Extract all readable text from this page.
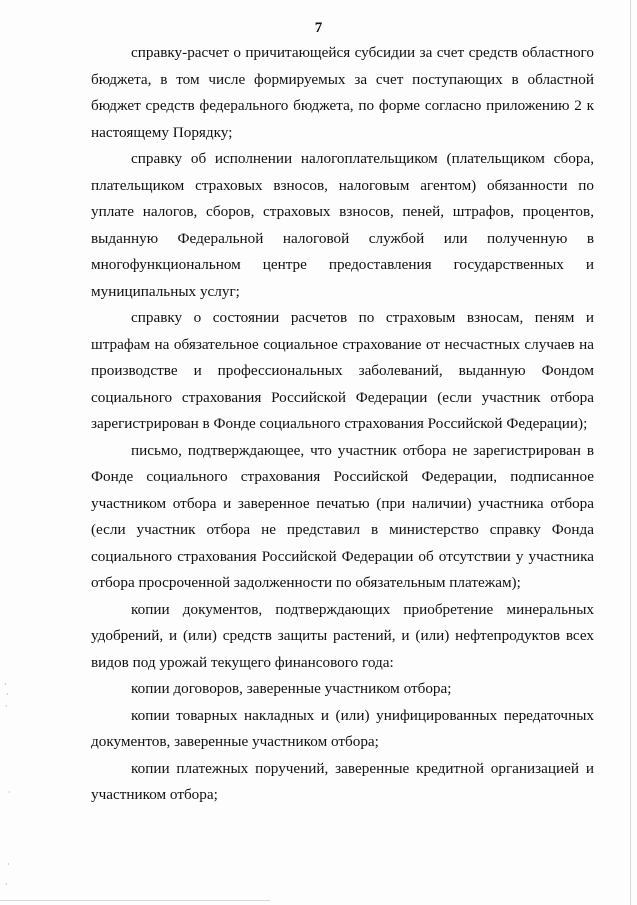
·
·
·
·
·
·
7

справку-расчет о причитающейся субсидии за счет средств областного бюджета, в том числе формируемых за счет поступающих в областной бюджет средств федерального бюджета, по форме согласно приложению 2 к настоящему Порядку;

справку об исполнении налогоплательщиком (плательщиком сбора, плательщиком страховых взносов, налоговым агентом) обязанности по уплате налогов, сборов, страховых взносов, пеней, штрафов, процентов, выданную Федеральной налоговой службой или полученную в многофункциональном центре предоставления государственных и муниципальных услуг;

справку о состоянии расчетов по страховым взносам, пеням и штрафам на обязательное социальное страхование от несчастных случаев на производстве и профессиональных заболеваний, выданную Фондом социального страхования Российской Федерации (если участник отбора зарегистрирован в Фонде социального страхования Российской Федерации);

письмо, подтверждающее, что участник отбора не зарегистрирован в Фонде социального страхования Российской Федерации, подписанное участником отбора и заверенное печатью (при наличии) участника отбора (если участник отбора не представил в министерство справку Фонда социального страхования Российской Федерации об отсутствии у участника отбора просроченной задолженности по обязательным платежам);

копии документов, подтверждающих приобретение минеральных удобрений, и (или) средств защиты растений, и (или) нефтепродуктов всех видов под урожай текущего финансового года:

копии договоров, заверенные участником отбора;

копии товарных накладных и (или) унифицированных передаточных документов, заверенные участником отбора;

копии платежных поручений, заверенные кредитной организацией и участником отбора;
